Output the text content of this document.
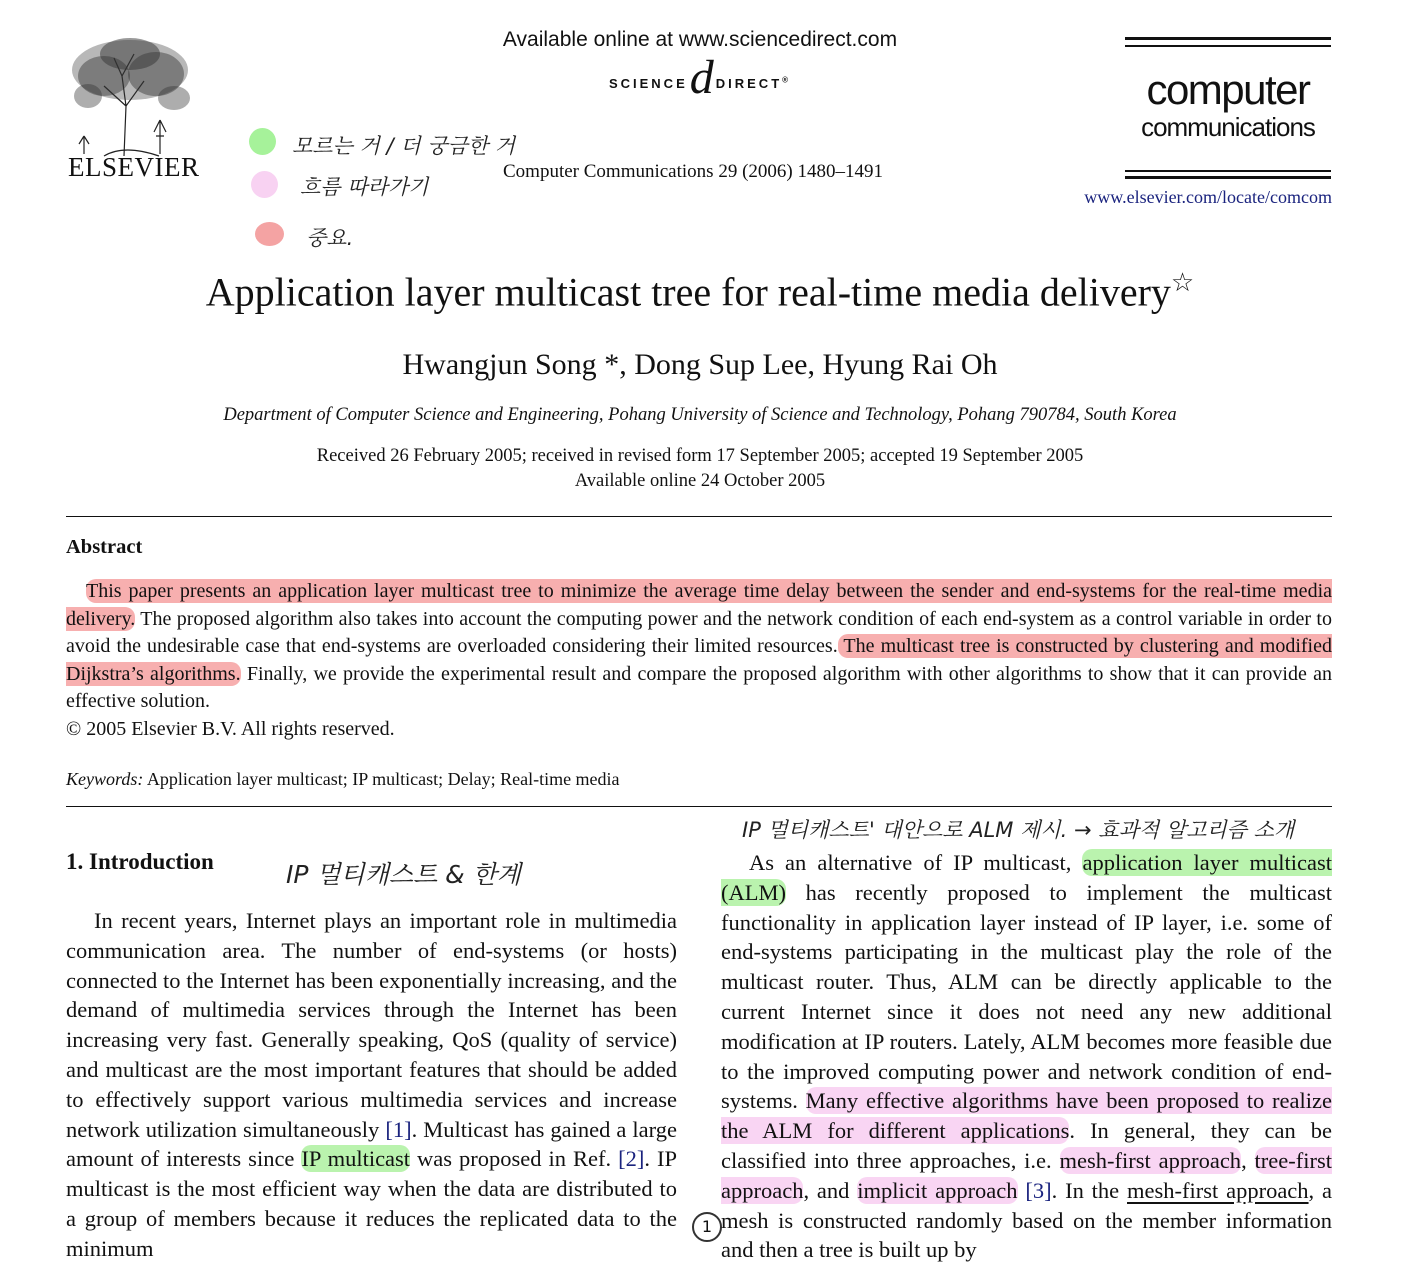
ELSEVIER
Available online at www.sciencedirect.com
SCIENCEd DIRECT®
Computer Communications 29 (2006) 1480–1491
computer
communications
www.elsevier.com/locate/comcom
모르는 거 / 더 궁금한 거
흐름 따라가기
중요.
Application layer multicast tree for real-time media delivery☆
Hwangjun Song *, Dong Sup Lee, Hyung Rai Oh
Department of Computer Science and Engineering, Pohang University of Science and Technology, Pohang 790784, South Korea
Received 26 February 2005; received in revised form 17 September 2005; accepted 19 September 2005
Available online 24 October 2005
Abstract

This paper presents an application layer multicast tree to minimize the average time delay between the sender and end-systems for the real-time media delivery. The proposed algorithm also takes into account the computing power and the network condition of each end-system as a control variable in order to avoid the undesirable case that end-systems are overloaded considering their limited resources. The multicast tree is constructed by clustering and modified Dijkstra’s algorithms. Finally, we provide the experimental result and compare the proposed algorithm with other algorithms to show that it can provide an effective solution.

© 2005 Elsevier B.V. All rights reserved.

Keywords: Application layer multicast; IP multicast; Delay; Real-time media
1. Introduction	IP 멀티캐스트 & 한계
IP 멀티캐스트' 대안으로 ALM 제시. → 효과적 알고리즘 소개

In recent years, Internet plays an important role in multimedia communication area. The number of end-systems (or hosts) connected to the Internet has been exponentially increasing, and the demand of multimedia services through the Internet has been increasing very fast. Generally speaking, QoS (quality of service) and multicast are the most important features that should be added to effectively support various multimedia services and increase network utilization simultaneously [1]. Multicast has gained a large amount of interests since IP multicast was proposed in Ref. [2]. IP multicast is the most efficient way when the data are distributed to a group of members because it reduces the replicated data to the minimum

1

As an alternative of IP multicast, application layer multicast (ALM) has recently proposed to implement the multicast functionality in application layer instead of IP layer, i.e. some of end-systems participating in the multicast play the role of the multicast router. Thus, ALM can be directly applicable to the current Internet since it does not need any new additional modification at IP routers. Lately, ALM becomes more feasible due to the improved computing power and network condition of end-systems. Many effective algorithms have been proposed to realize the ALM for different applications. In general, they can be classified into three approaches, i.e. mesh-first approach, tree-first approach, and implicit approach [3]. In the mesh-first approach, a mesh is constructed randomly based on the member information and then a tree is built up by
